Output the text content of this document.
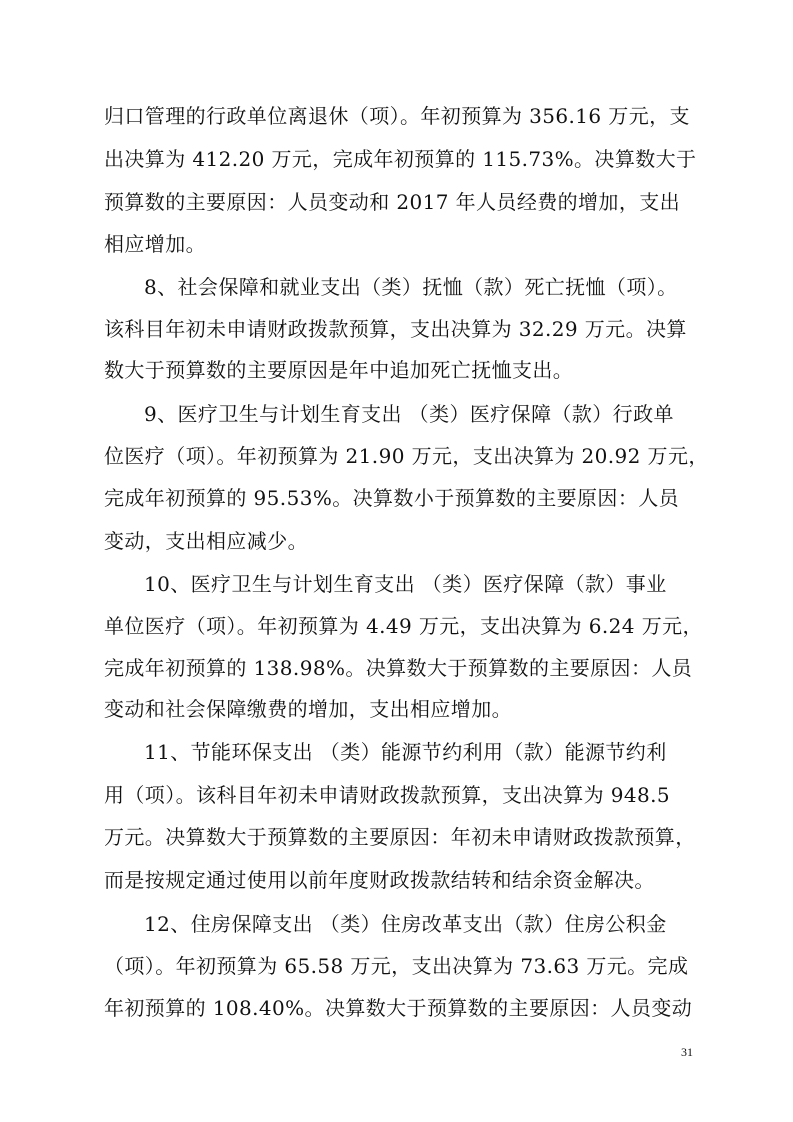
归口管理的行政单位离退休（项）。年初预算为 356.16 万元，支
出决算为 412.20 万元，完成年初预算的 115.73%。决算数大于
预算数的主要原因：人员变动和 2017 年人员经费的增加，支出
相应增加。
8、社会保障和就业支出（类）抚恤（款）死亡抚恤（项）。
该科目年初未申请财政拨款预算，支出决算为 32.29 万元。决算
数大于预算数的主要原因是年中追加死亡抚恤支出。
9、医疗卫生与计划生育支出 （类）医疗保障（款）行政单
位医疗（项）。年初预算为 21.90 万元，支出决算为 20.92 万元，
完成年初预算的 95.53%。决算数小于预算数的主要原因：人员
变动，支出相应减少。
10、医疗卫生与计划生育支出 （类）医疗保障（款）事业
单位医疗（项）。年初预算为 4.49 万元，支出决算为 6.24 万元，
完成年初预算的 138.98%。决算数大于预算数的主要原因：人员
变动和社会保障缴费的增加，支出相应增加。
11、节能环保支出 （类）能源节约利用（款）能源节约利
用（项）。该科目年初未申请财政拨款预算，支出决算为 948.5
万元。决算数大于预算数的主要原因：年初未申请财政拨款预算，
而是按规定通过使用以前年度财政拨款结转和结余资金解决。
12、住房保障支出 （类）住房改革支出（款）住房公积金
（项）。年初预算为 65.58 万元，支出决算为 73.63 万元。完成
年初预算的 108.40%。决算数大于预算数的主要原因：人员变动
31
